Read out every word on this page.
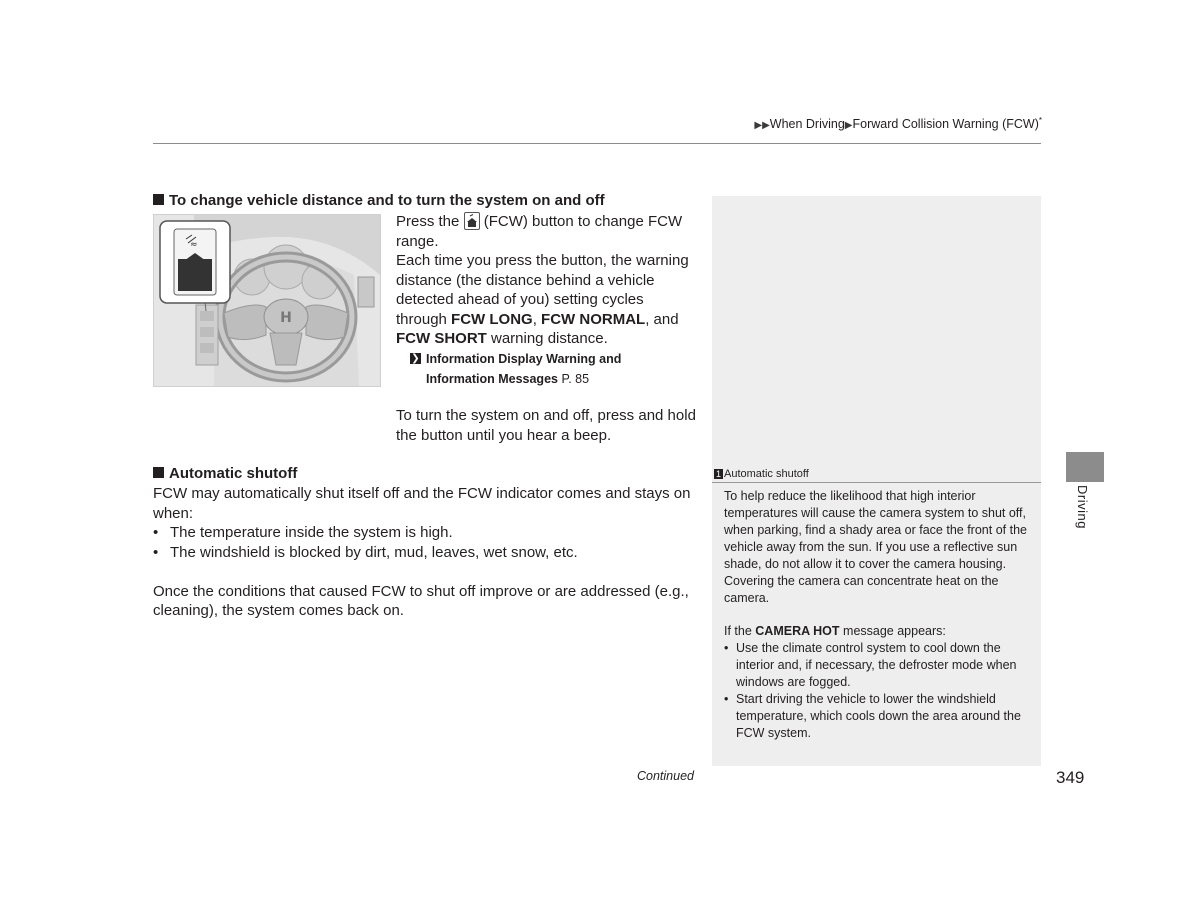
▶▶When Driving▶Forward Collision Warning (FCW)*
To change vehicle distance and to turn the system on and off
H
≈
Press the (FCW) button to change FCW range.
Each time you press the button, the warning distance (the distance behind a vehicle detected ahead of you) setting cycles through FCW LONG, FCW NORMAL, and FCW SHORT warning distance.
❯ Information Display Warning and Information Messages P. 85
To turn the system on and off, press and hold the button until you hear a beep.
Automatic shutoff
FCW may automatically shut itself off and the FCW indicator comes and stays on when:
• The temperature inside the system is high.
• The windshield is blocked by dirt, mud, leaves, wet snow, etc.
Once the conditions that caused FCW to shut off improve or are addressed (e.g., cleaning), the system comes back on.
1 Automatic shutoff
To help reduce the likelihood that high interior temperatures will cause the camera system to shut off, when parking, find a shady area or face the front of the vehicle away from the sun. If you use a reflective sun shade, do not allow it to cover the camera housing. Covering the camera can concentrate heat on the camera.
If the CAMERA HOT message appears:
• Use the climate control system to cool down the interior and, if necessary, the defroster mode when windows are fogged.
• Start driving the vehicle to lower the windshield temperature, which cools down the area around the FCW system.
Continued	349
Driving
